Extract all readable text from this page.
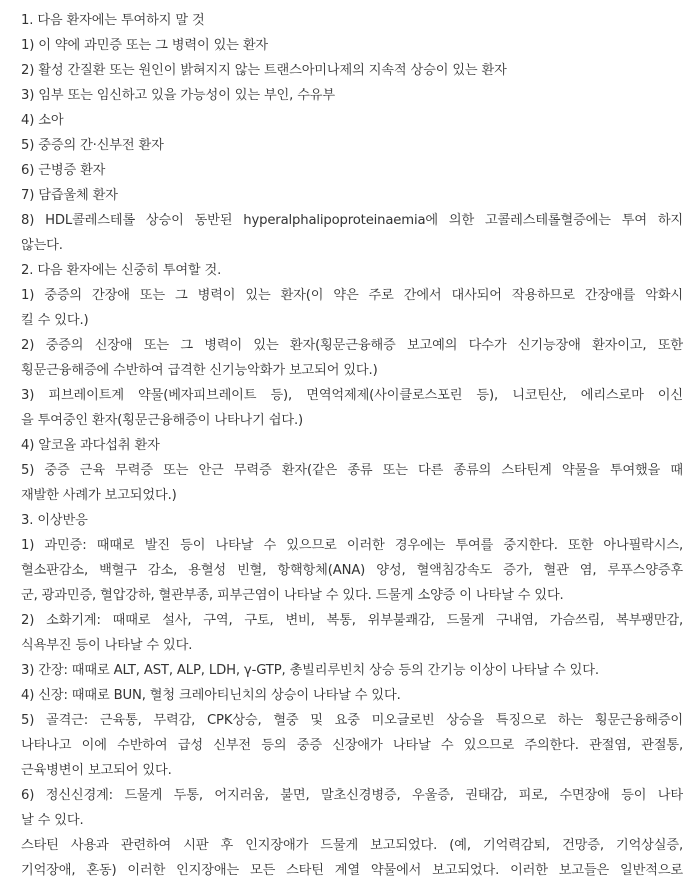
1. 다음 환자에는 투여하지 말 것
1) 이 약에 과민증 또는 그 병력이 있는 환자
2) 활성 간질환 또는 원인이 밝혀지지 않는 트랜스아미나제의 지속적 상승이 있는 환자
3) 임부 또는 임신하고 있을 가능성이 있는 부인, 수유부
4) 소아
5) 중증의 간·신부전 환자
6) 근병증 환자
7) 담즙울체 환자
8) HDL콜레스테롤 상승이 동반된 hyperalphalipoproteinaemia에 의한 고콜레스테롤혈증에는 투여 하지
않는다.
2. 다음 환자에는 신중히 투여할 것.
1) 중증의 간장애 또는 그 병력이 있는 환자(이 약은 주로 간에서 대사되어 작용하므로 간장애를 악화시
킬 수 있다.)
2) 중증의 신장애 또는 그 병력이 있는 환자(횡문근융해증 보고예의 다수가 신기능장애 환자이고, 또한
횡문근융해증에 수반하여 급격한 신기능악화가 보고되어 있다.)
3) 피브레이트계 약물(베자피브레이트 등), 면역억제제(사이클로스포린 등), 니코틴산, 에리스로마 이신
을 투여중인 환자(횡문근융해증이 나타나기 쉽다.)
4) 알코올 과다섭취 환자
5) 중증 근육 무력증 또는 안근 무력증 환자(같은 종류 또는 다른 종류의 스타틴계 약물을 투여했을 때
재발한 사례가 보고되었다.)
3. 이상반응
1) 과민증: 때때로 발진 등이 나타날 수 있으므로 이러한 경우에는 투여를 중지한다. 또한 아나필락시스,
혈소판감소, 백혈구 감소, 용혈성 빈혈, 항핵항체(ANA) 양성, 혈액침강속도 증가, 혈관 염, 루푸스양증후
군, 광과민증, 혈압강하, 혈관부종, 피부근염이 나타날 수 있다. 드물게 소양증 이 나타날 수 있다.
2) 소화기계: 때때로 설사, 구역, 구토, 변비, 복통, 위부불쾌감, 드물게 구내염, 가슴쓰림, 복부팽만감,
식욕부진 등이 나타날 수 있다.
3) 간장: 때때로 ALT, AST, ALP, LDH, γ-GTP, 총빌리루빈치 상승 등의 간기능 이상이 나타날 수 있다.
4) 신장: 때때로 BUN, 혈청 크레아티닌치의 상승이 나타날 수 있다.
5) 골격근: 근육통, 무력감, CPK상승, 혈중 및 요중 미오글로빈 상승을 특징으로 하는 횡문근융해증이
나타나고 이에 수반하여 급성 신부전 등의 중증 신장애가 나타날 수 있으므로 주의한다. 관절염, 관절통,
근육병변이 보고되어 있다.
6) 정신신경계: 드물게 두통, 어지러움, 불면, 말초신경병증, 우울증, 권태감, 피로, 수면장애 등이 나타
날 수 있다.
스타틴 사용과 관련하여 시판 후 인지장애가 드물게 보고되었다. (예, 기억력감퇴, 건망증, 기억상실증,
기억장애, 혼동) 이러한 인지장애는 모든 스타틴 계열 약물에서 보고되었다. 이러한 보고들은 일반적으로
